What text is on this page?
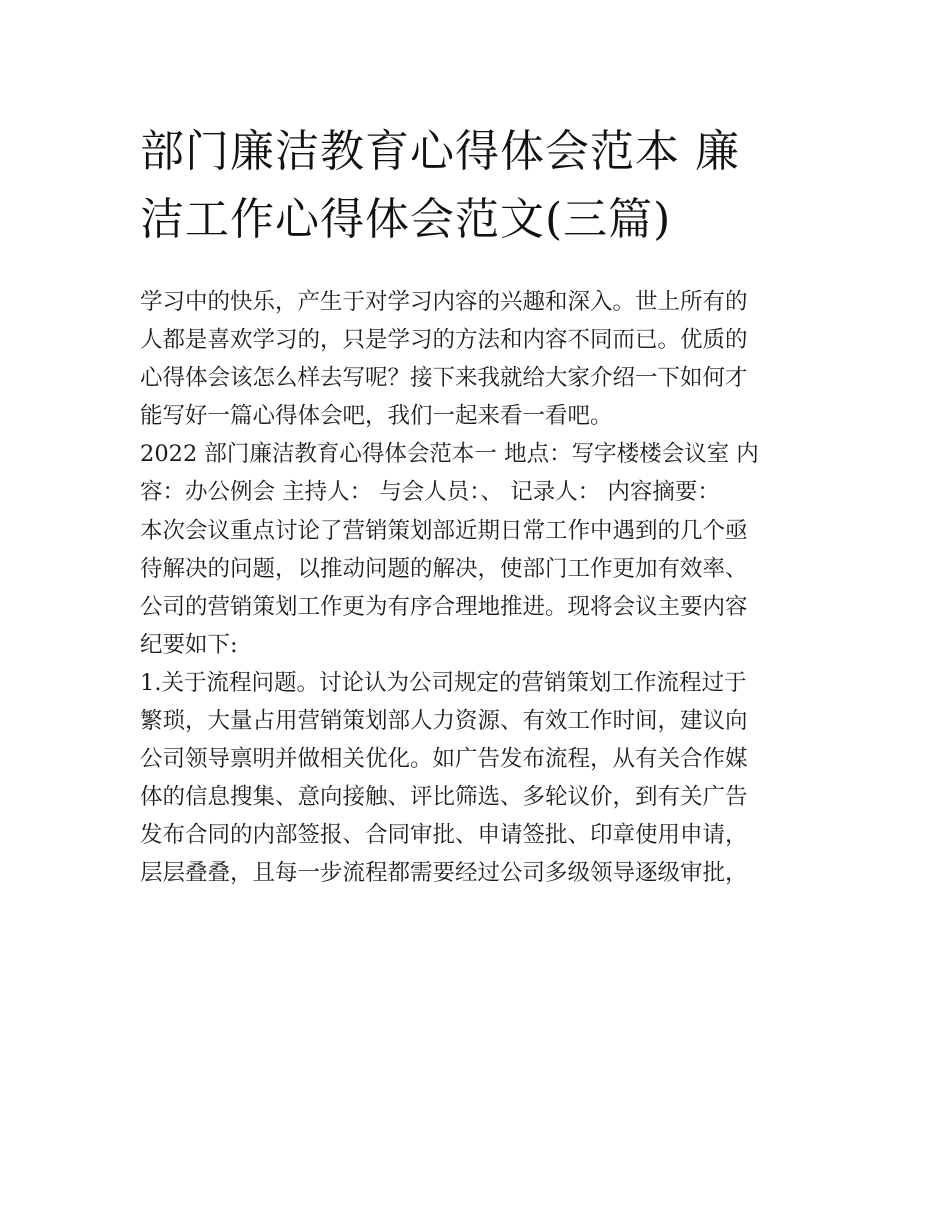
部门廉洁教育心得体会范本 廉
洁工作心得体会范文(三篇)
学习中的快乐，产生于对学习内容的兴趣和深入。世上所有的
人都是喜欢学习的，只是学习的方法和内容不同而已。优质的
心得体会该怎么样去写呢？接下来我就给大家介绍一下如何才
能写好一篇心得体会吧，我们一起来看一看吧。
2022 部门廉洁教育心得体会范本一 地点：写字楼楼会议室 内
容：办公例会 主持人： 与会人员：、 记录人： 内容摘要：
本次会议重点讨论了营销策划部近期日常工作中遇到的几个亟
待解决的问题，以推动问题的解决，使部门工作更加有效率、
公司的营销策划工作更为有序合理地推进。现将会议主要内容
纪要如下:
1.关于流程问题。讨论认为公司规定的营销策划工作流程过于
繁琐，大量占用营销策划部人力资源、有效工作时间，建议向
公司领导禀明并做相关优化。如广告发布流程，从有关合作媒
体的信息搜集、意向接触、评比筛选、多轮议价，到有关广告
发布合同的内部签报、合同审批、申请签批、印章使用申请，
层层叠叠，且每一步流程都需要经过公司多级领导逐级审批，
